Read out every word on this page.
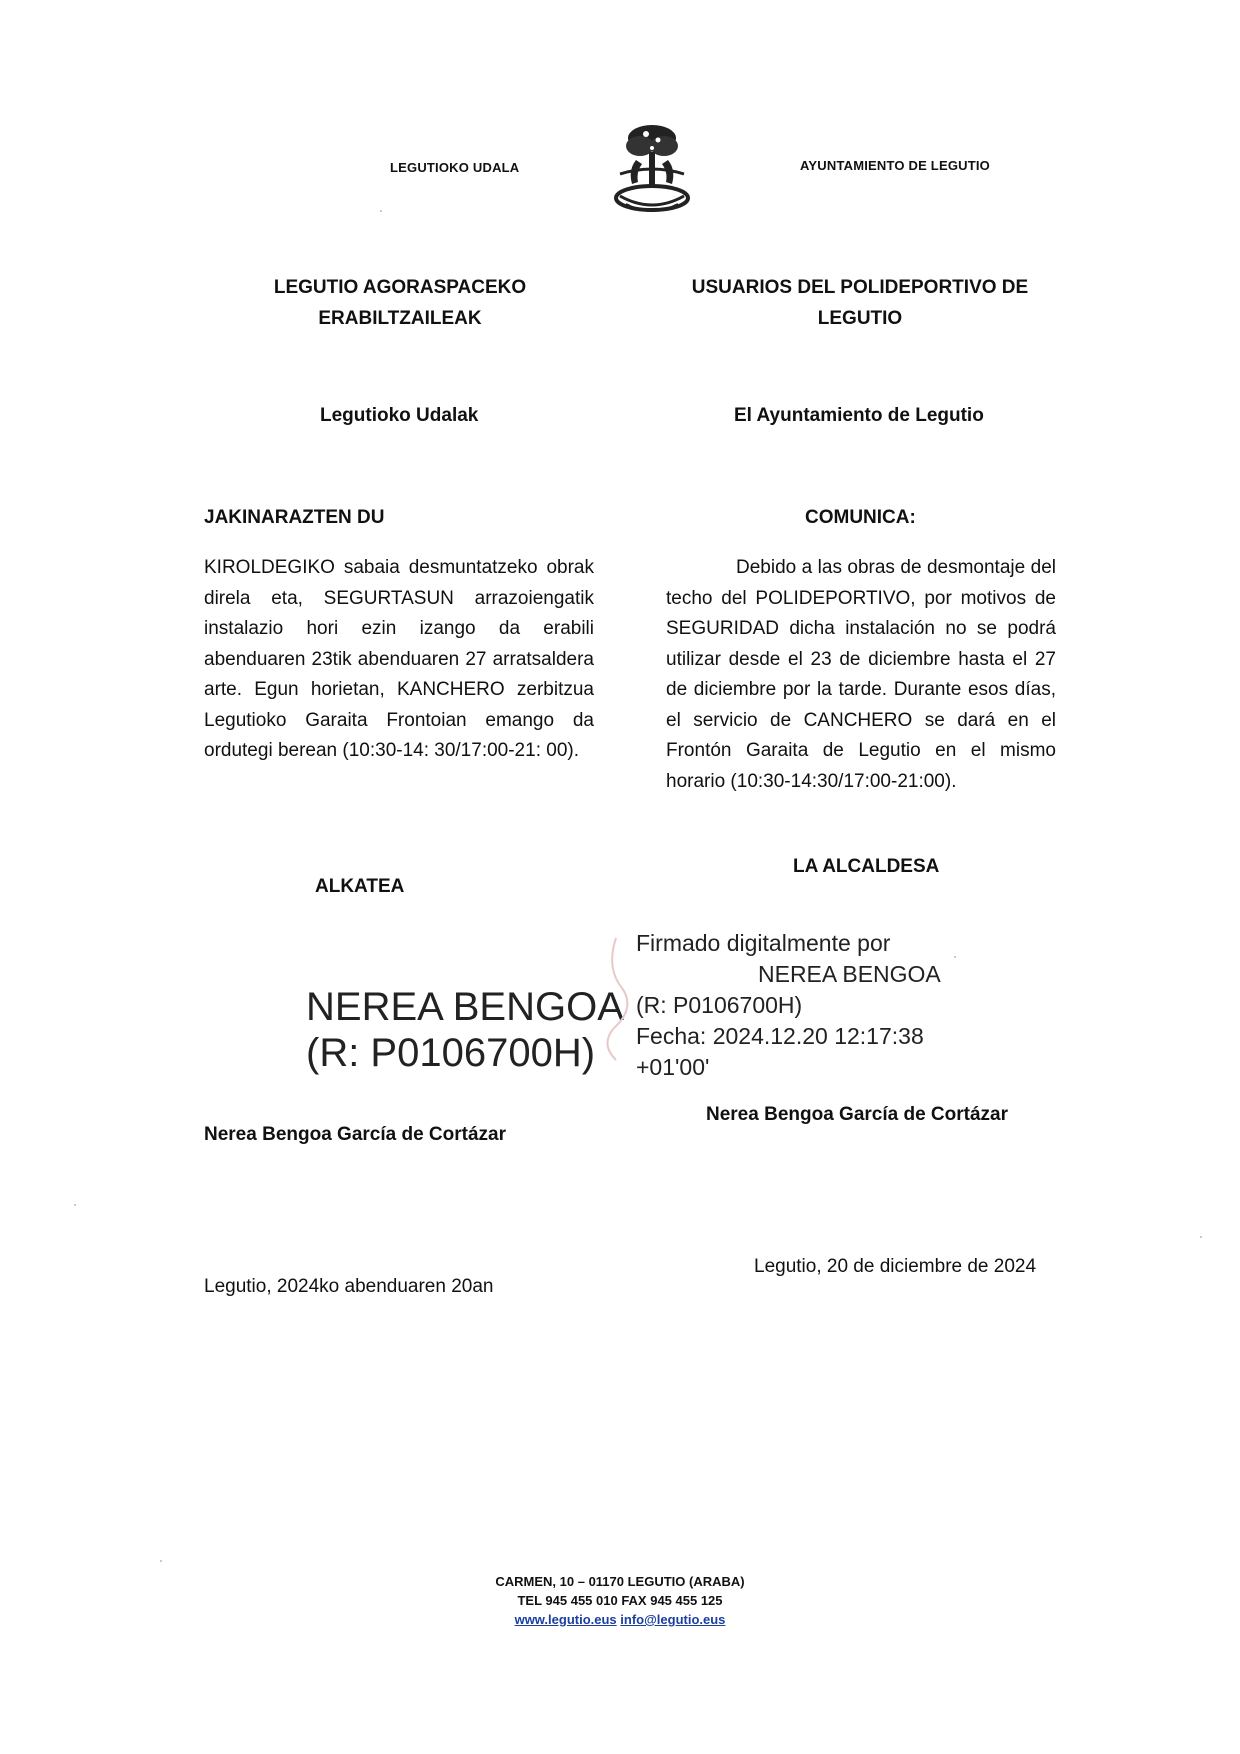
LEGUTIOKO UDALA	AYUNTAMIENTO DE LEGUTIO
LEGUTIO AGORASPACEKO
ERABILTZAILEAK
USUARIOS DEL POLIDEPORTIVO DE
LEGUTIO
Legutioko Udalak	El Ayuntamiento de Legutio
JAKINARAZTEN DU	COMUNICA:
KIROLDEGIKO sabaia desmuntatzeko obrak direla eta, SEGURTASUN arrazoiengatik instalazio hori ezin izango da erabili abenduaren 23tik abenduaren 27 arratsaldera arte. Egun horietan, KANCHERO zerbitzua Legutioko Garaita Frontoian emango da ordutegi berean (10:30-14: 30/17:00-21: 00).
Debido a las obras de desmontaje del techo del POLIDEPORTIVO, por motivos de SEGURIDAD dicha instalación no se podrá utilizar desde el 23 de diciembre hasta el 27 de diciembre por la tarde. Durante esos días, el servicio de CANCHERO se dará en el Frontón Garaita de Legutio en el mismo horario (10:30-14:30/17:00-21:00).
ALKATEA
LA ALCALDESA
NEREA BENGOA
(R: P0106700H)
Firmado digitalmente por
NEREA BENGOA
(R: P0106700H)
Fecha: 2024.12.20 12:17:38
+01'00'
Nerea Bengoa García de Cortázar
Nerea Bengoa García de Cortázar
Legutio, 2024ko abenduaren 20an
Legutio, 20 de diciembre de 2024
CARMEN, 10 – 01170 LEGUTIO (ARABA)
TEL 945 455 010 FAX 945 455 125
www.legutio.eus info@legutio.eus
